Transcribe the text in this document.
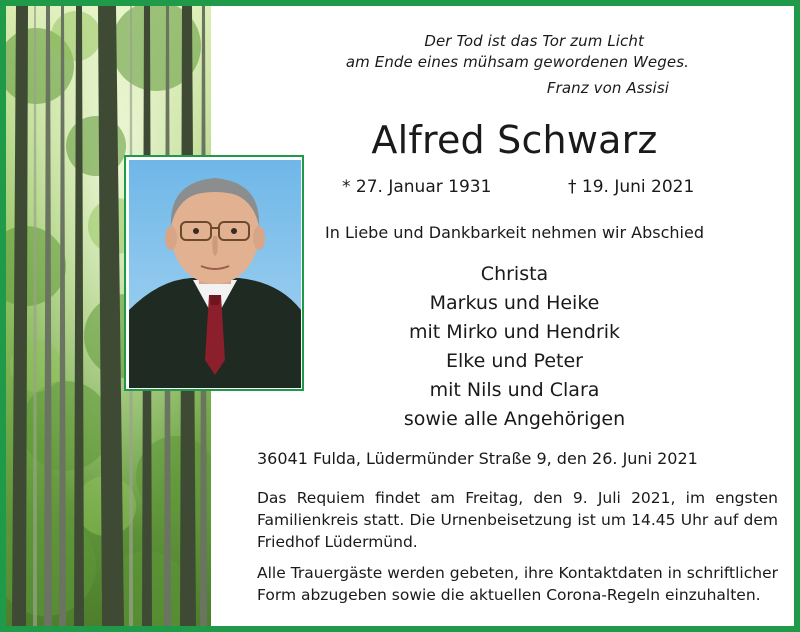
Der Tod ist das Tor zum Licht
am Ende eines mühsam gewordenen Weges.
Franz von Assisi
Alfred Schwarz
* 27. Januar 1931	† 19. Juni 2021
In Liebe und Dankbarkeit nehmen wir Abschied
Christa
Markus und Heike
mit Mirko und Hendrik
Elke und Peter
mit Nils und Clara
sowie alle Angehörigen
36041 Fulda, Lüdermünder Straße 9, den 26. Juni 2021

Das Requiem findet am Freitag, den 9. Juli 2021, im engsten Familienkreis statt. Die Urnenbeisetzung ist um 14.45 Uhr auf dem Friedhof Lüdermünd.

Alle Trauergäste werden gebeten, ihre Kontaktdaten in schriftlicher Form abzugeben sowie die aktuellen Corona-Regeln einzuhalten.
